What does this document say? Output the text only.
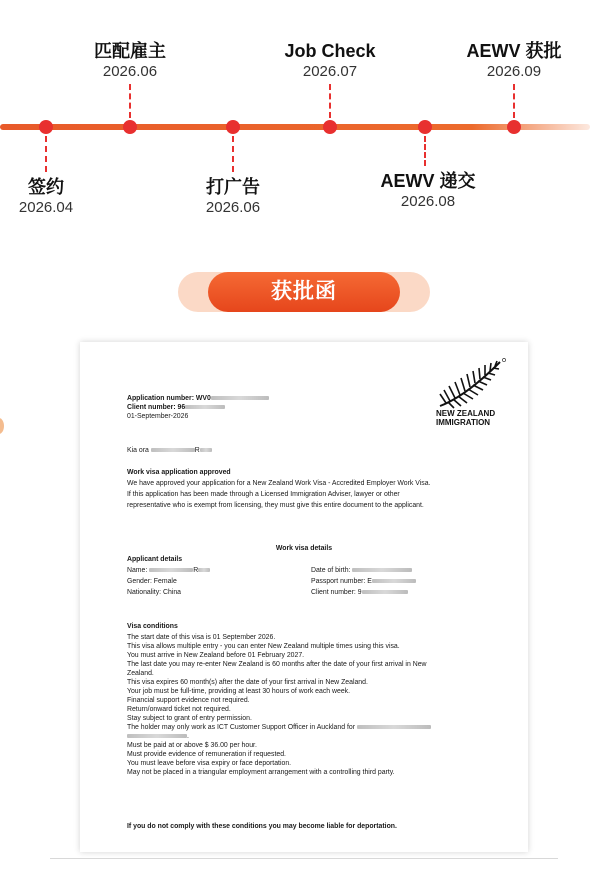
匹配雇主
2026.06
Job Check
2026.07
AEWV 获批
2026.09
签约
2026.04
打广告
2026.06
AEWV 递交
2026.08
获批函
NEW ZEALAND
IMMIGRATION
Application number: WV0
Client number: 96
01-September-2026
Kia ora	R
Work visa application approved
We have approved your application for a New Zealand Work Visa - Accredited Employer Work Visa.
If this application has been made through a Licensed Immigration Adviser, lawyer or other
representative who is exempt from licensing, they must give this entire document to the applicant.
Work visa details
Applicant details
Name:	R
Gender: Female
Nationality: China
Date of birth:
Passport number: E
Client number: 9
Visa conditions
The start date of this visa is 01 September 2026.
This visa allows multiple entry - you can enter New Zealand multiple times using this visa.
You must arrive in New Zealand before 01 February 2027.
The last date you may re-enter New Zealand is 60 months after the date of your first arrival in New
Zealand.
This visa expires 60 month(s) after the date of your first arrival in New Zealand.
Your job must be full-time, providing at least 30 hours of work each week.
Financial support evidence not required.
Return/onward ticket not required.
Stay subject to grant of entry permission.
The holder may only work as ICT Customer Support Officer in Auckland for
.
Must be paid at or above $ 36.00 per hour.
Must provide evidence of remuneration if requested.
You must leave before visa expiry or face deportation.
May not be placed in a triangular employment arrangement with a controlling third party.
If you do not comply with these conditions you may become liable for deportation.
